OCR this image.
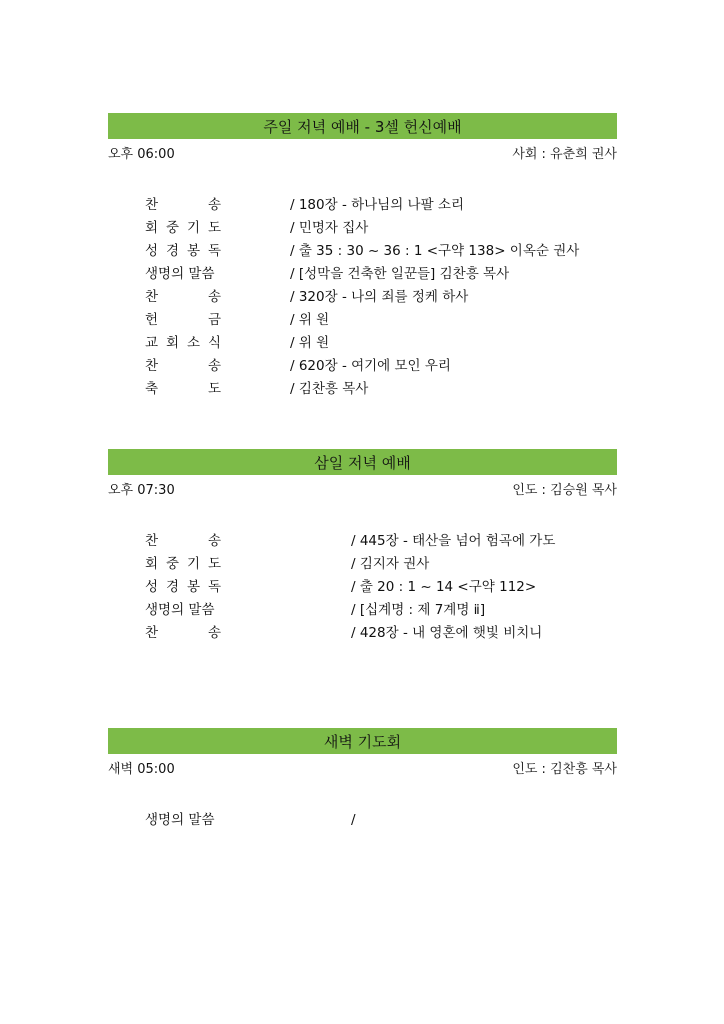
주일 저녁 예배 - 3셀 헌신예배
오후 06:00	사회 : 유춘희 권사
찬	송	/ 180장 - 하나님의 나팔 소리
회 중 기 도	/ 민명자 집사
성 경 봉 독	/ 출 35 : 30 ~ 36 : 1 <구약 138> 이옥순 권사
생명의 말씀	/ [성막을 건축한 일꾼들] 김찬흥 목사
찬	송	/ 320장 - 나의 죄를 정케 하사
헌	금	/ 위 원
교 회 소 식	/ 위 원
찬	송	/ 620장 - 여기에 모인 우리
축	도	/ 김찬흥 목사
삼일 저녁 예배
오후 07:30	인도 : 김승원 목사
찬	송	/ 445장 - 태산을 넘어 험곡에 가도
회 중 기 도	/ 김지자 권사
성 경 봉 독	/ 출 20 : 1 ~ 14 <구약 112>
생명의 말씀	/ [십계명 : 제 7계명 ⅱ]
찬	송	/ 428장 - 내 영혼에 햇빛 비치니
새벽 기도회
새벽 05:00	인도 : 김찬흥 목사
생명의 말씀	/
